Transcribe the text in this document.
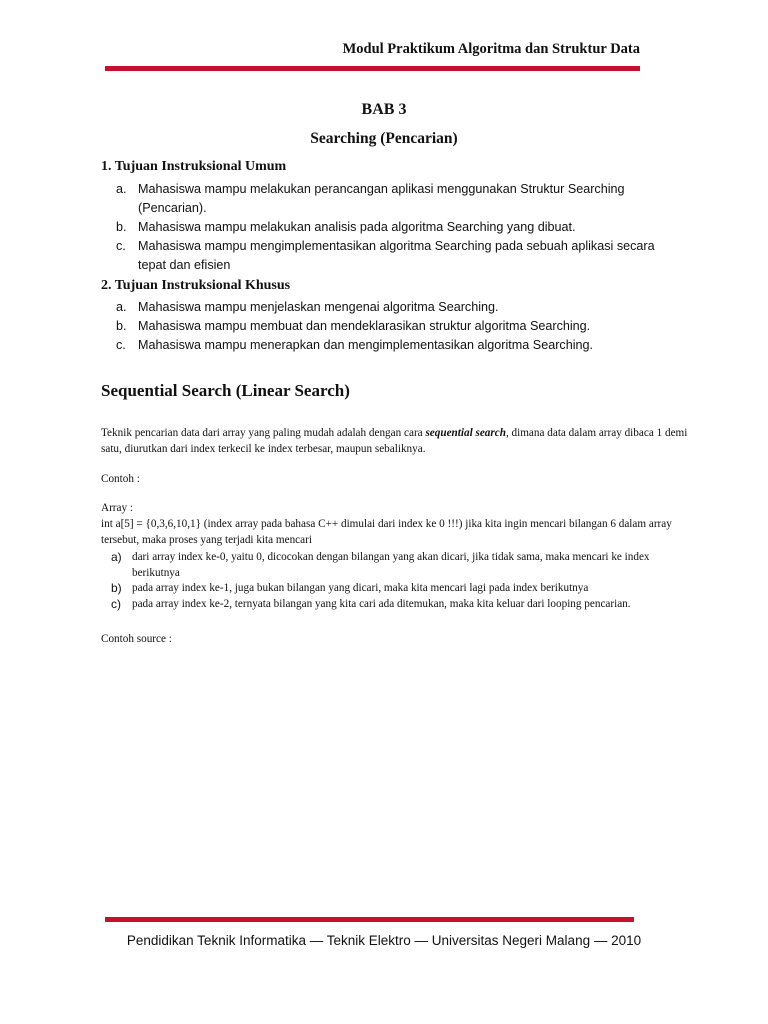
Modul Praktikum Algoritma dan Struktur Data
BAB 3
Searching (Pencarian)
1. Tujuan Instruksional Umum
a. Mahasiswa mampu melakukan perancangan aplikasi menggunakan Struktur Searching (Pencarian).
b. Mahasiswa mampu melakukan analisis pada algoritma Searching yang dibuat.
c. Mahasiswa mampu mengimplementasikan algoritma Searching pada sebuah aplikasi secara tepat dan efisien
2. Tujuan Instruksional Khusus
a. Mahasiswa mampu menjelaskan mengenai algoritma Searching.
b. Mahasiswa mampu membuat dan mendeklarasikan struktur algoritma Searching.
c. Mahasiswa mampu menerapkan dan mengimplementasikan algoritma Searching.
Sequential Search (Linear Search)
Teknik pencarian data dari array yang paling mudah adalah dengan cara sequential search, dimana data dalam array dibaca 1 demi satu, diurutkan dari index terkecil ke index terbesar, maupun sebaliknya.
Contoh :
Array :
int a[5] = {0,3,6,10,1} (index array pada bahasa C++ dimulai dari index ke 0 !!!) jika kita ingin mencari bilangan 6 dalam array tersebut, maka proses yang terjadi kita mencari
a) dari array index ke-0, yaitu 0, dicocokan dengan bilangan yang akan dicari, jika tidak sama, maka mencari ke index berikutnya
b) pada array index ke-1, juga bukan bilangan yang dicari, maka kita mencari lagi pada index berikutnya
c) pada array index ke-2, ternyata bilangan yang kita cari ada ditemukan, maka kita keluar dari looping pencarian.
Contoh source :
Pendidikan Teknik Informatika — Teknik Elektro — Universitas Negeri Malang — 2010
